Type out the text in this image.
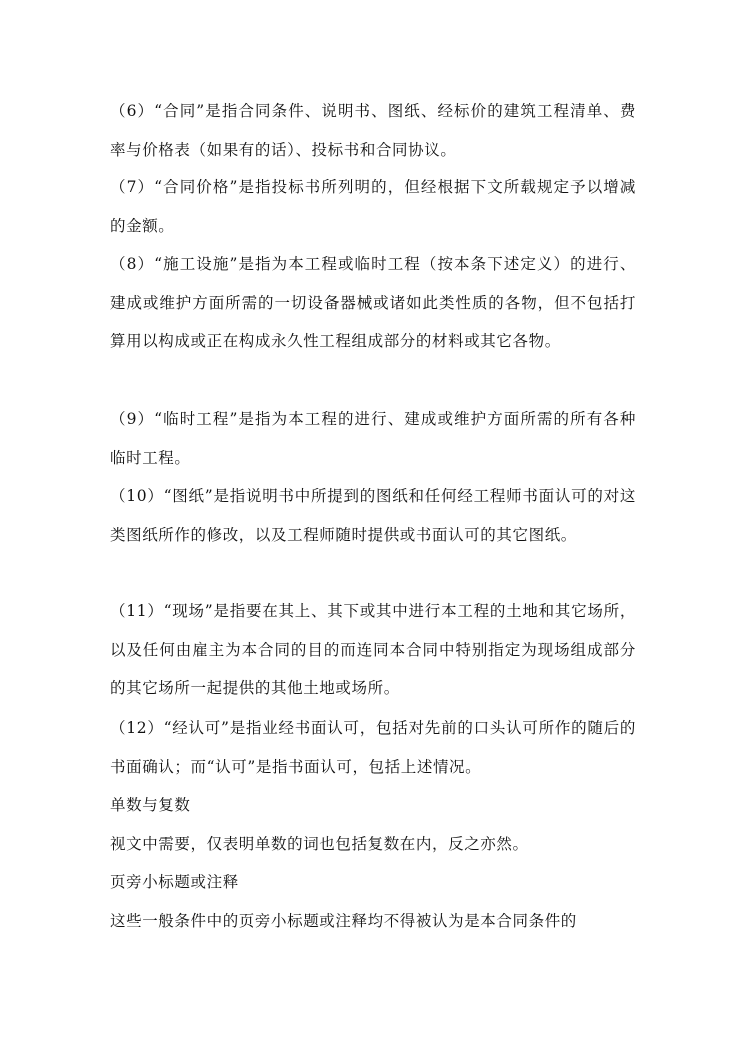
（6）“合同”是指合同条件、说明书、图纸、经标价的建筑工程清单、费率与价格表（如果有的话）、投标书和合同协议。

（7）“合同价格”是指投标书所列明的，但经根据下文所载规定予以增减的金额。

（8）“施工设施”是指为本工程或临时工程（按本条下述定义）的进行、建成或维护方面所需的一切设备器械或诸如此类性质的各物，但不包括打算用以构成或正在构成永久性工程组成部分的材料或其它各物。

（9）“临时工程”是指为本工程的进行、建成或维护方面所需的所有各种临时工程。

（10）“图纸”是指说明书中所提到的图纸和任何经工程师书面认可的对这类图纸所作的修改，以及工程师随时提供或书面认可的其它图纸。

（11）“现场”是指要在其上、其下或其中进行本工程的土地和其它场所，以及任何由雇主为本合同的目的而连同本合同中特别指定为现场组成部分的其它场所一起提供的其他土地或场所。

（12）“经认可”是指业经书面认可，包括对先前的口头认可所作的随后的书面确认；而“认可”是指书面认可，包括上述情况。

单数与复数

视文中需要，仅表明单数的词也包括复数在内，反之亦然。

页旁小标题或注释

这些一般条件中的页旁小标题或注释均不得被认为是本合同条件的
